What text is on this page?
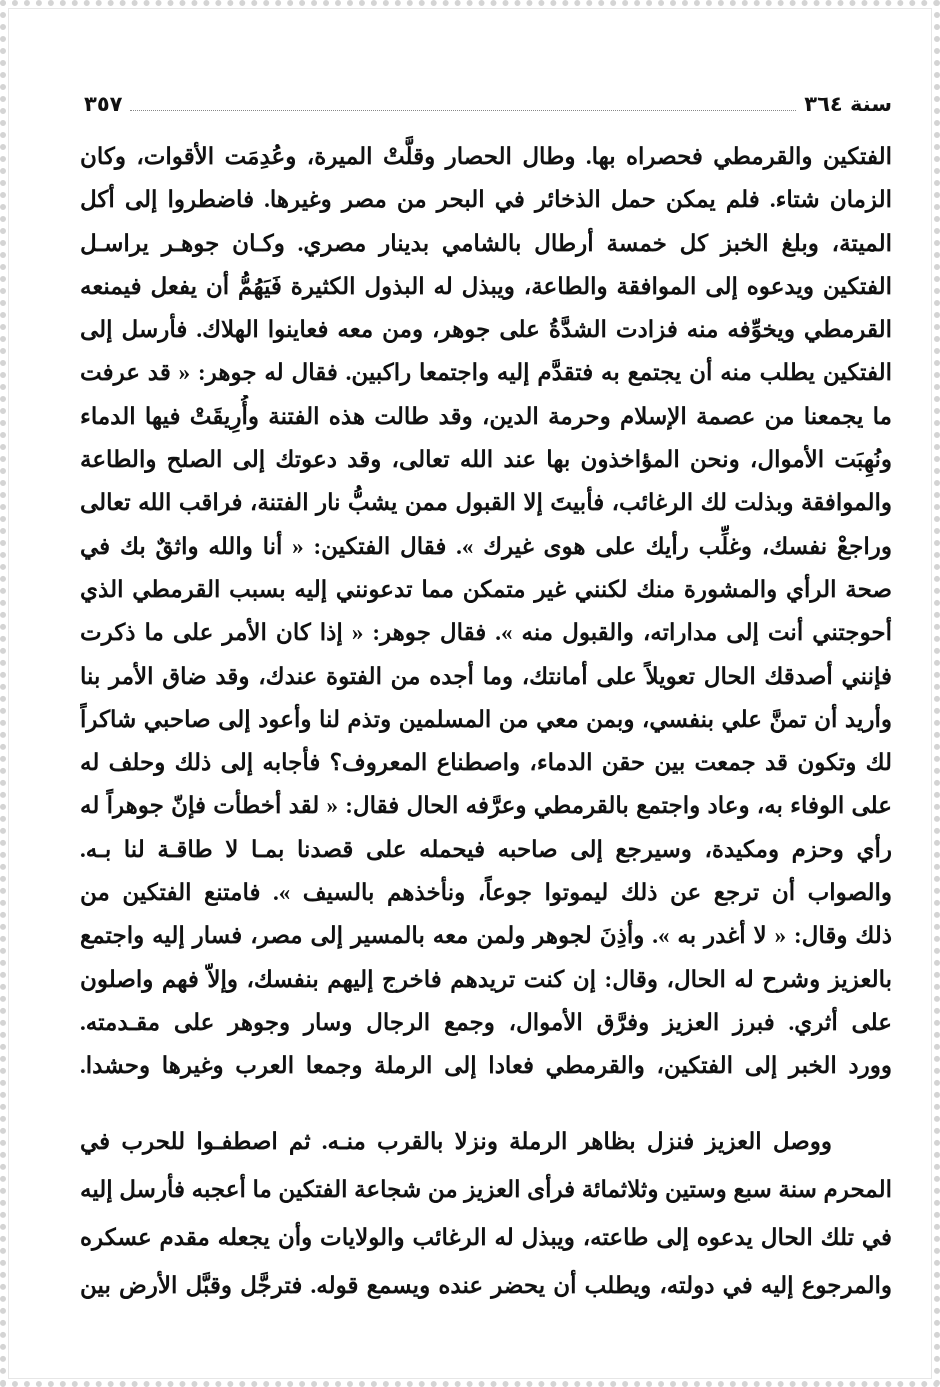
سنة ٣٦٤
٣٥٧
الفتكين والقرمطي فحصراه بها. وطال الحصار وقلَّتْ الميرة، وعُدِمَت الأقوات، وكان
الزمان شتاء. فلم يمكن حمل الذخائر في البحر من مصر وغيرها. فاضطروا إلى أكل
الميتة، وبلغ الخبز كل خمسة أرطال بالشامي بدينار مصري. وكـان جوهـر يراسـل
الفتكين ويدعوه إلى الموافقة والطاعة، ويبذل له البذول الكثيرة فَيَهُمُّ أن يفعل فيمنعه
القرمطي ويخوِّفه منه فزادت الشدَّةُ على جوهر، ومن معه فعاينوا الهلاك. فأرسل إلى
الفتكين يطلب منه أن يجتمع به فتقدَّم إليه واجتمعا راكبين. فقال له جوهر: « قد عرفت
ما يجمعنا من عصمة الإسلام وحرمة الدين، وقد طالت هذه الفتنة وأُرِيقَتْ فيها الدماء
ونُهِبَت الأموال، ونحن المؤاخذون بها عند الله تعالى، وقد دعوتك إلى الصلح والطاعة
والموافقة وبذلت لك الرغائب، فأبيتَ إلا القبول ممن يشبُّ نار الفتنة، فراقب الله تعالى
وراجعْ نفسك، وغلِّب رأيك على هوى غيرك ». فقال الفتكين: « أنا والله واثقٌ بك في
صحة الرأي والمشورة منك لكنني غير متمكن مما تدعونني إليه بسبب القرمطي الذي
أحوجتني أنت إلى مداراته، والقبول منه ». فقال جوهر: « إذا كان الأمر على ما ذكرت
فإنني أصدقك الحال تعويلاً على أمانتك، وما أجده من الفتوة عندك، وقد ضاق الأمر بنا
وأريد أن تمنَّ علي بنفسي، وبمن معي من المسلمين وتذم لنا وأعود إلى صاحبي شاكراً
لك وتكون قد جمعت بين حقن الدماء، واصطناع المعروف؟ فأجابه إلى ذلك وحلف له
على الوفاء به، وعاد واجتمع بالقرمطي وعرَّفه الحال فقال: « لقد أخطأت فإنّ جوهراً له
رأي وحزم ومكيدة، وسيرجع إلى صاحبه فيحمله على قصدنا بمـا لا طاقـة لنا بـه.
والصواب أن ترجع عن ذلك ليموتوا جوعاً، ونأخذهم بالسيف ». فامتنع الفتكين من
ذلك وقال: « لا أغدر به ». وأذِنَ لجوهر ولمن معه بالمسير إلى مصر، فسار إليه واجتمع
بالعزيز وشرح له الحال، وقال: إن كنت تريدهم فاخرج إليهم بنفسك، وإلاّ فهم واصلون
على أثري. فبرز العزيز وفرَّق الأموال، وجمع الرجال وسار وجوهر على مقـدمته.
وورد الخبر إلى الفتكين، والقرمطي فعادا إلى الرملة وجمعا العرب وغيرها وحشدا.
ووصل العزيز فنزل بظاهر الرملة ونزلا بالقرب منـه. ثم اصطفـوا للحرب في
المحرم سنة سبع وستين وثلاثمائة فرأى العزيز من شجاعة الفتكين ما أعجبه فأرسل إليه
في تلك الحال يدعوه إلى طاعته، ويبذل له الرغائب والولايات وأن يجعله مقدم عسكره
والمرجوع إليه في دولته، ويطلب أن يحضر عنده ويسمع قوله. فترجَّل وقبَّل الأرض بين
